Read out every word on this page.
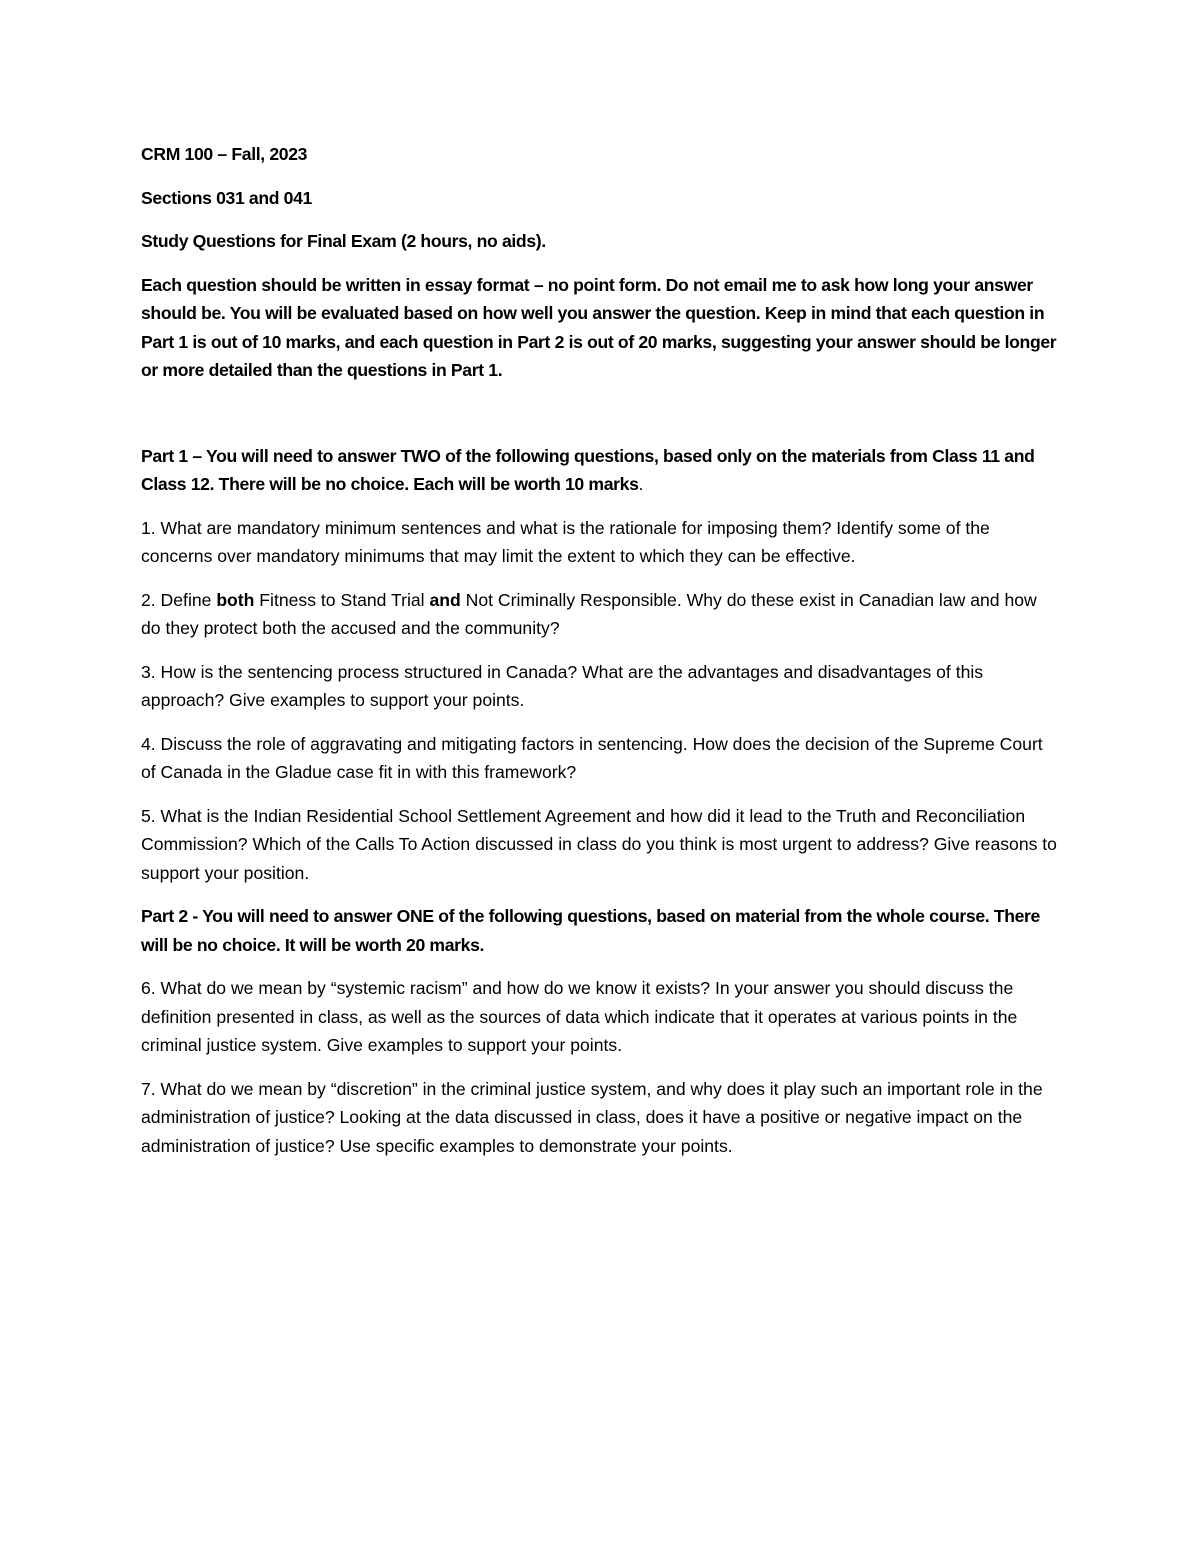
CRM 100 – Fall, 2023

Sections 031 and 041

Study Questions for Final Exam (2 hours, no aids).

Each question should be written in essay format – no point form. Do not email me to ask how long your answer should be. You will be evaluated based on how well you answer the question. Keep in mind that each question in Part 1 is out of 10 marks, and each question in Part 2 is out of 20 marks, suggesting your answer should be longer or more detailed than the questions in Part 1.

Part 1 – You will need to answer TWO of the following questions, based only on the materials from Class 11 and Class 12. There will be no choice. Each will be worth 10 marks.

1. What are mandatory minimum sentences and what is the rationale for imposing them? Identify some of the concerns over mandatory minimums that may limit the extent to which they can be effective.

2. Define both Fitness to Stand Trial and Not Criminally Responsible. Why do these exist in Canadian law and how do they protect both the accused and the community?

3. How is the sentencing process structured in Canada? What are the advantages and disadvantages of this approach? Give examples to support your points.

4. Discuss the role of aggravating and mitigating factors in sentencing. How does the decision of the Supreme Court of Canada in the Gladue case fit in with this framework?

5. What is the Indian Residential School Settlement Agreement and how did it lead to the Truth and Reconciliation Commission? Which of the Calls To Action discussed in class do you think is most urgent to address? Give reasons to support your position.

Part 2 - You will need to answer ONE of the following questions, based on material from the whole course. There will be no choice. It will be worth 20 marks.

6. What do we mean by “systemic racism” and how do we know it exists? In your answer you should discuss the definition presented in class, as well as the sources of data which indicate that it operates at various points in the criminal justice system. Give examples to support your points.

7. What do we mean by “discretion” in the criminal justice system, and why does it play such an important role in the administration of justice? Looking at the data discussed in class, does it have a positive or negative impact on the administration of justice? Use specific examples to demonstrate your points.
